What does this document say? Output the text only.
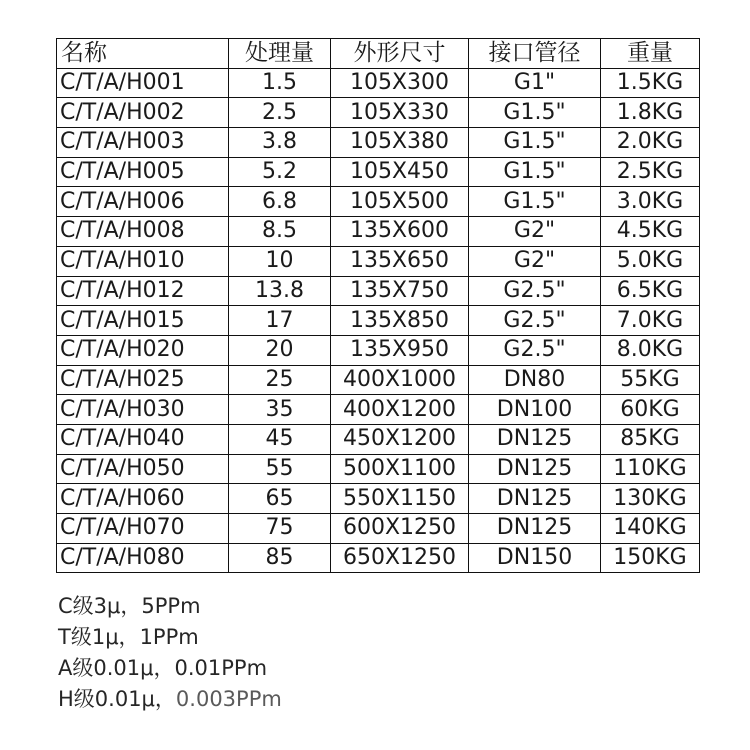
名称	处理量	外形尺寸	接口管径	重量
C/T/A/H001	1.5	105X300	G1"	1.5KG
C/T/A/H002	2.5	105X330	G1.5"	1.8KG
C/T/A/H003	3.8	105X380	G1.5"	2.0KG
C/T/A/H005	5.2	105X450	G1.5"	2.5KG
C/T/A/H006	6.8	105X500	G1.5"	3.0KG
C/T/A/H008	8.5	135X600	G2"	4.5KG
C/T/A/H010	10	135X650	G2"	5.0KG
C/T/A/H012	13.8	135X750	G2.5"	6.5KG
C/T/A/H015	17	135X850	G2.5"	7.0KG
C/T/A/H020	20	135X950	G2.5"	8.0KG
C/T/A/H025	25	400X1000	DN80	55KG
C/T/A/H030	35	400X1200	DN100	60KG
C/T/A/H040	45	450X1200	DN125	85KG
C/T/A/H050	55	500X1100	DN125	110KG
C/T/A/H060	65	550X1150	DN125	130KG
C/T/A/H070	75	600X1250	DN125	140KG
C/T/A/H080	85	650X1250	DN150	150KG
C级3μ，5PPm
T级1μ，1PPm
A级0.01μ，0.01PPm
H级0.01μ，0.003PPm
